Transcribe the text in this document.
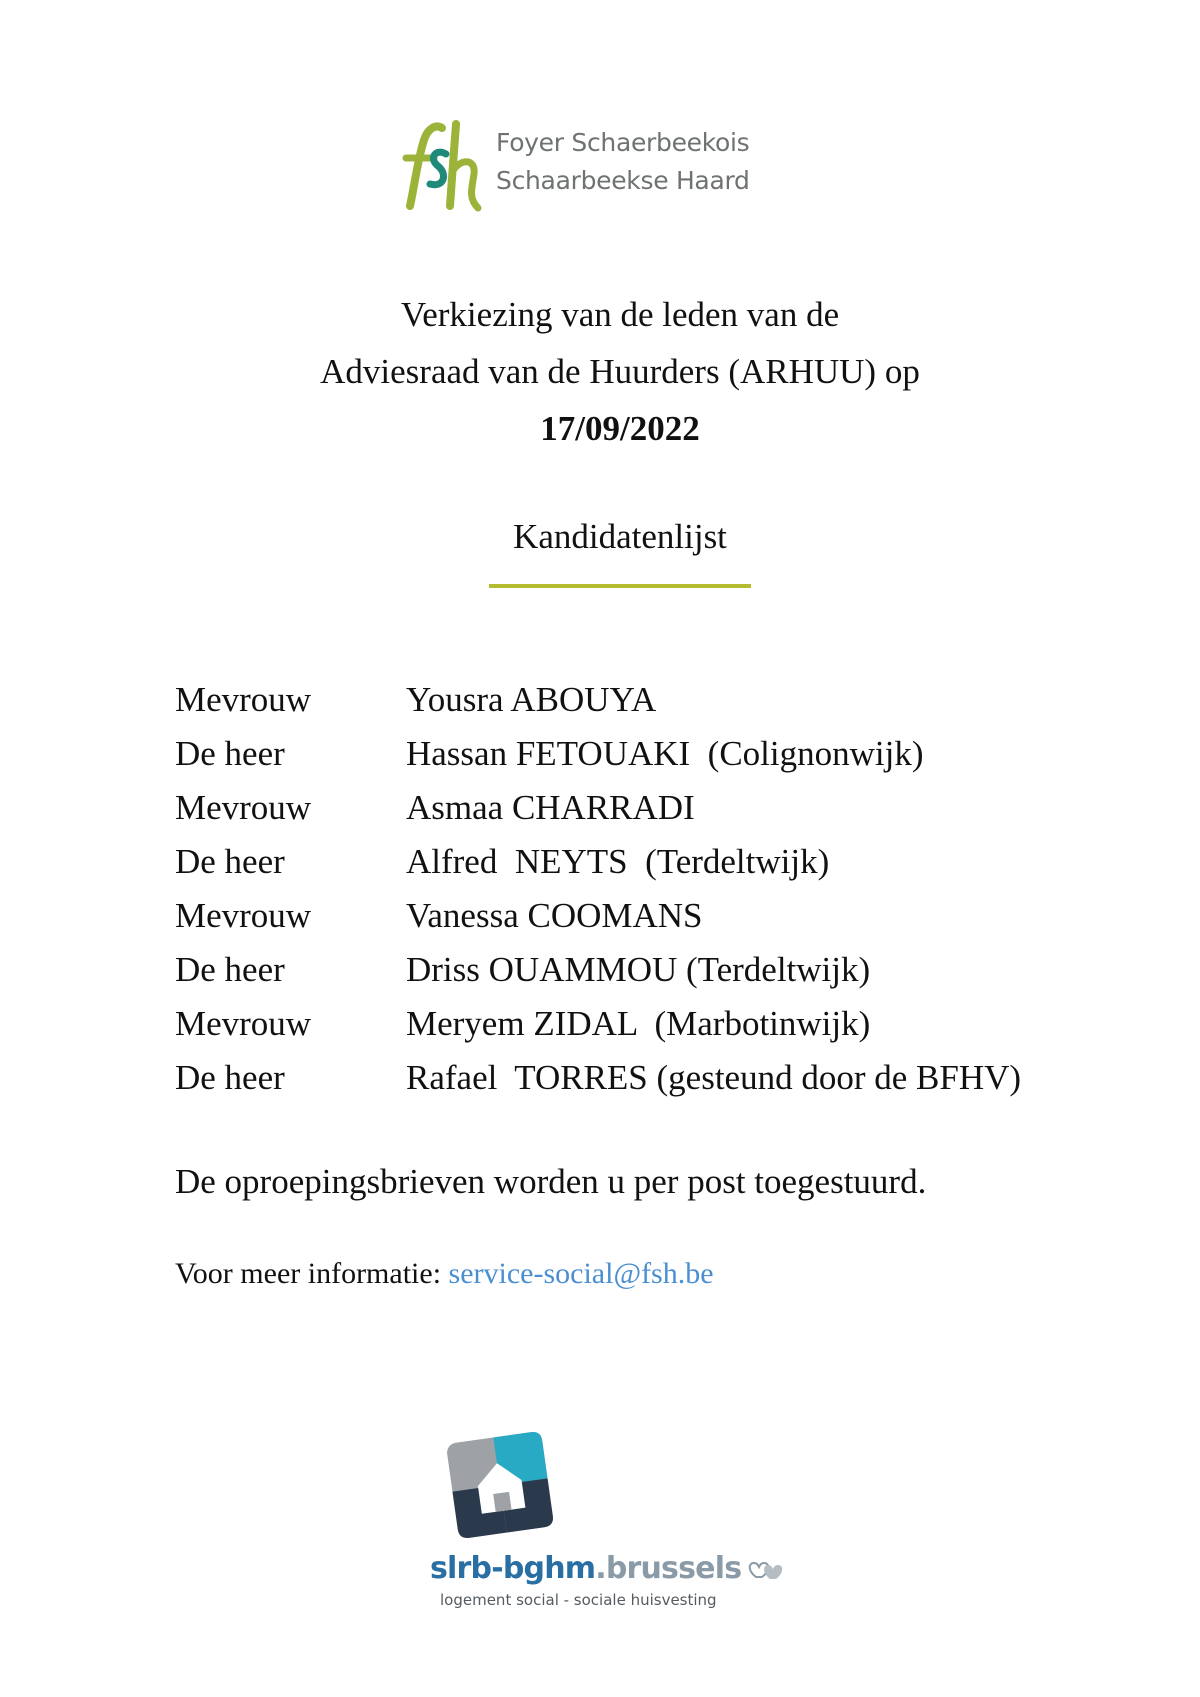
Foyer Schaerbeekois
Schaarbeekse Haard
Verkiezing van de leden van de
Adviesraad van de Huurders (ARHUU) op
17/09/2022
Kandidatenlijst
Mevrouw	Yousra ABOUYA
De heer	Hassan FETOUAKI  (Colignonwijk)
Mevrouw	Asmaa CHARRADI
De heer	Alfred  NEYTS  (Terdeltwijk)
Mevrouw	Vanessa COOMANS
De heer	Driss OUAMMOU (Terdeltwijk)
Mevrouw	Meryem ZIDAL  (Marbotinwijk)
De heer	Rafael  TORRES (gesteund door de BFHV)
De oproepingsbrieven worden u per post toegestuurd.
Voor meer informatie: service-social@fsh.be
slrb-bghm.brussels
logement social - sociale huisvesting
